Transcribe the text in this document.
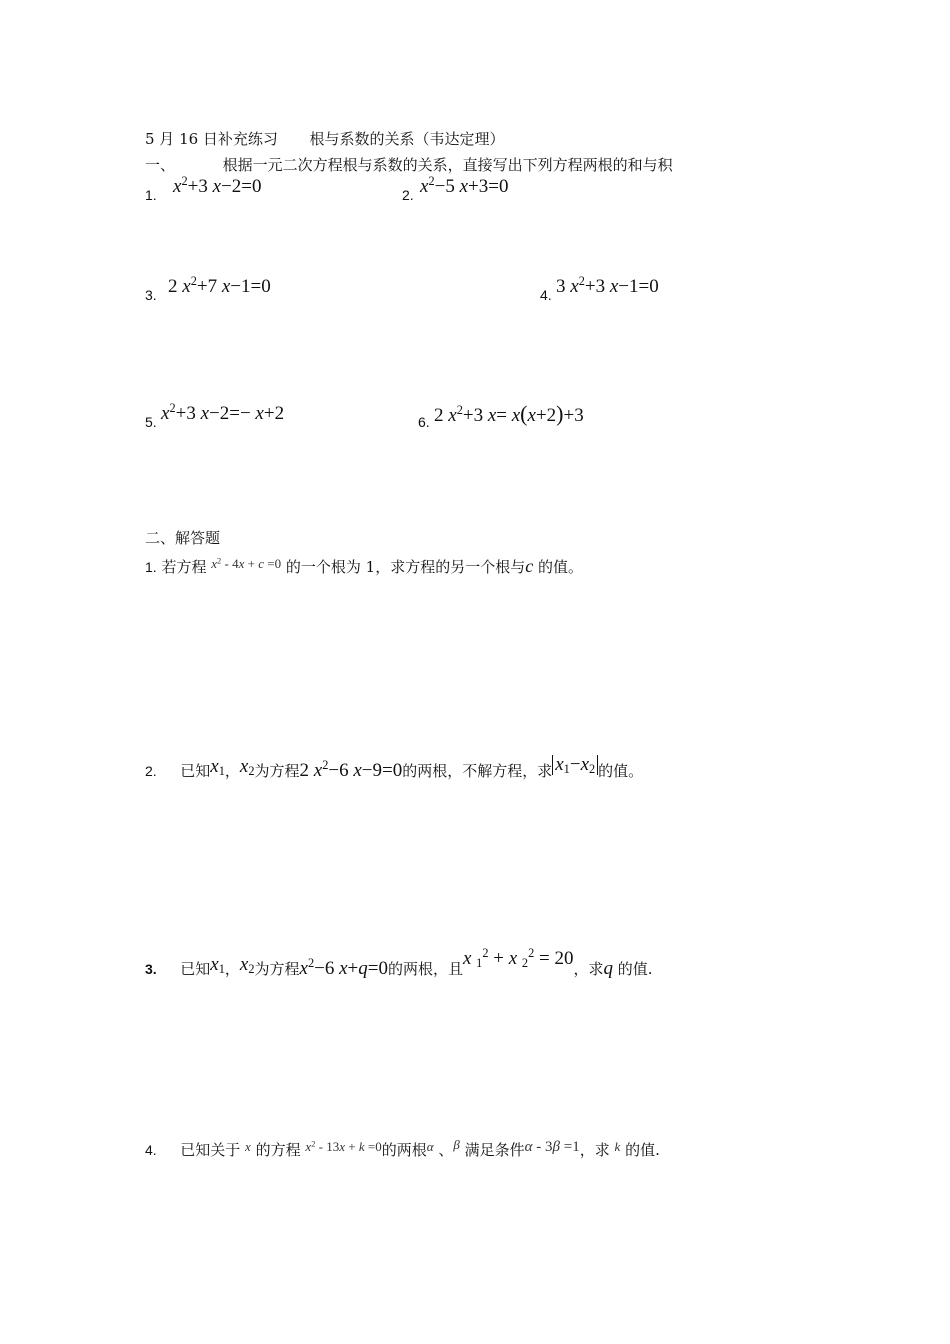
5 月 16 日补充练习 根与系数的关系（韦达定理）
一、	根据一元二次方程根与系数的关系，直接写出下列方程两根的和与积
1. $x^2+3$ x−2=0	2. $x^2-5$ x+3=0
3. 2 $x^2+7$ x−1=0	4. 3 $x^2+3$ x−1=0
5. $x^2+3$ x−2=− x+2	6. 2 $x^2+3$ x= x(x+2)+3
二、解答题
1. 若方程 $x^2 - 4x + c =0$ 的一个根为 1，求方程的另一个根与c 的值。
2. 已知$x_1$，$x_2$为方程2 $x^2-6$ x−9=0的两根，不解方程，求 $x_1-x_2$ 的值。
3. 已知$x_1$，$x_2$为方程$x^2-6$ x+q=0的两根，且x $_1^2$ + x $_2^2$ = 20，求q 的值.
4. 已知关于 x 的方程 $x^2 - 13x + k =0$的两根α 、β 满足条件α - 3β =1，求 k 的值.
